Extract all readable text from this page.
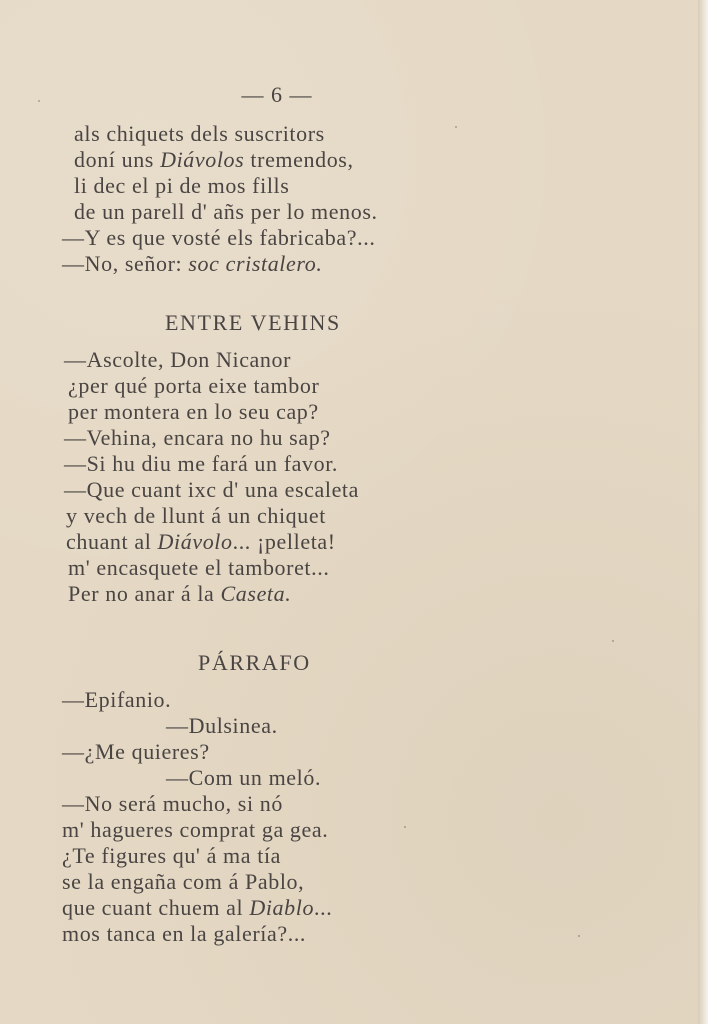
— 6 —
als chiquets dels suscritors
doní uns Diávolos tremendos,
li dec el pi de mos fills
de un parell d' añs per lo menos.
—Y es que vosté els fabricaba?...
—No, señor: soc cristalero.
ENTRE VEHINS
—Ascolte, Don Nicanor
¿per qué porta eixe tambor
per montera en lo seu cap?
—Vehina, encara no hu sap?
—Si hu diu me fará un favor.
—Que cuant ixc d' una escaleta
y vech de llunt á un chiquet
chuant al Diávolo... ¡pelleta!
m' encasquete el tamboret...
Per no anar á la Caseta.
PÁRRAFO
—Epifanio.
—Dulsinea.
—¿Me quieres?
—Com un meló.
—No será mucho, si nó
m' hagueres comprat ga gea.
¿Te figures qu' á ma tía
se la engaña com á Pablo,
que cuant chuem al Diablo...
mos tanca en la galería?...
